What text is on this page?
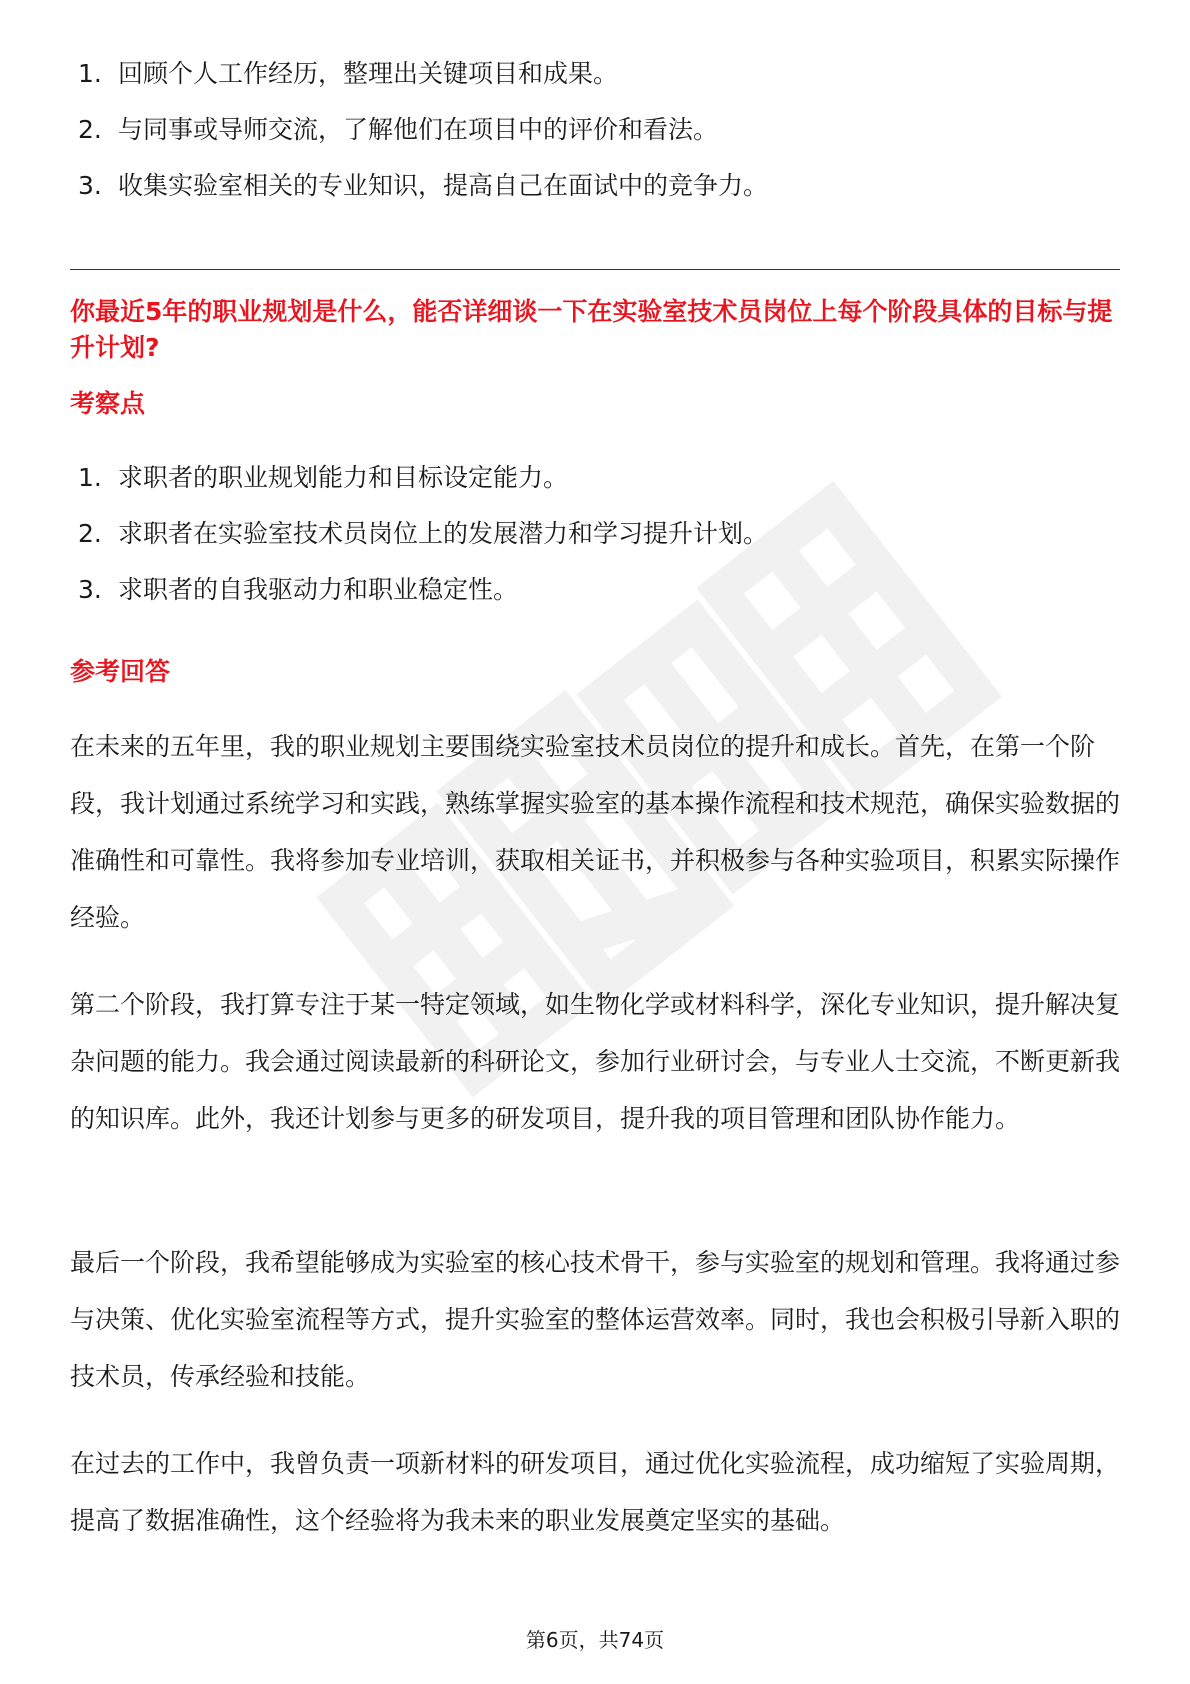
1. 回顾个人工作经历，整理出关键项目和成果。
2. 与同事或导师交流，了解他们在项目中的评价和看法。
3. 收集实验室相关的专业知识，提高自己在面试中的竞争力。
你最近5年的职业规划是什么，能否详细谈一下在实验室技术员岗位上每个阶段具体的目标与提升计划?
考察点
1. 求职者的职业规划能力和目标设定能力。
2. 求职者在实验室技术员岗位上的发展潜力和学习提升计划。
3. 求职者的自我驱动力和职业稳定性。
参考回答

在未来的五年里，我的职业规划主要围绕实验室技术员岗位的提升和成长。首先，在第一个阶段，我计划通过系统学习和实践，熟练掌握实验室的基本操作流程和技术规范，确保实验数据的准确性和可靠性。我将参加专业培训，获取相关证书，并积极参与各种实验项目，积累实际操作经验。

第二个阶段，我打算专注于某一特定领域，如生物化学或材料科学，深化专业知识，提升解决复杂问题的能力。我会通过阅读最新的科研论文，参加行业研讨会，与专业人士交流，不断更新我的知识库。此外，我还计划参与更多的研发项目，提升我的项目管理和团队协作能力。

最后一个阶段，我希望能够成为实验室的核心技术骨干，参与实验室的规划和管理。我将通过参与决策、优化实验室流程等方式，提升实验室的整体运营效率。同时，我也会积极引导新入职的技术员，传承经验和技能。

在过去的工作中，我曾负责一项新材料的研发项目，通过优化实验流程，成功缩短了实验周期，提高了数据准确性，这个经验将为我未来的职业发展奠定坚实的基础。

第6页，共74页
